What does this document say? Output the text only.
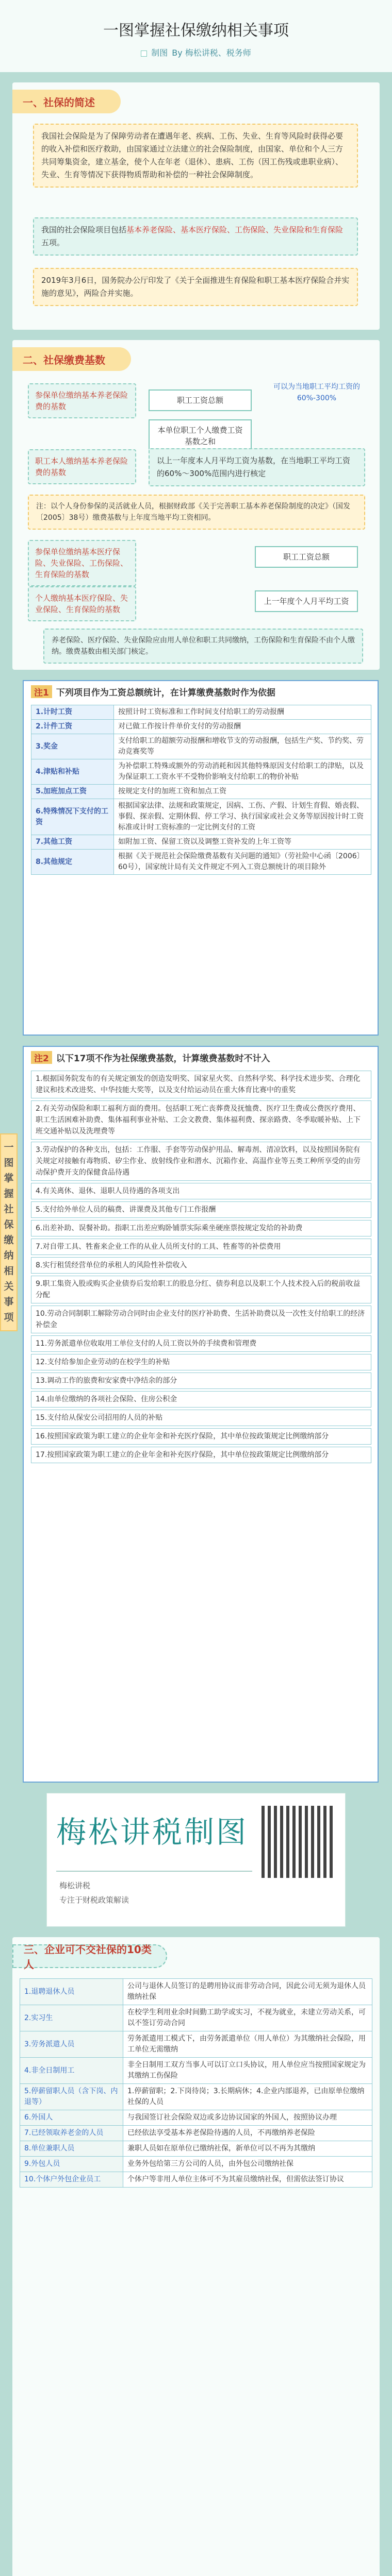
一图掌握社保缴纳相关事项
制图 By 梅松讲税、税务师
一、社保的简述
我国社会保险是为了保障劳动者在遭遇年老、疾病、工伤、失业、生育等风险时获得必要的收入补偿和医疗救助，由国家通过立法建立的社会保险制度，由国家、单位和个人三方共同筹集资金，建立基金，使个人在年老（退休）、患病、工伤（因工伤残或患职业病）、失业、生育等情况下获得物质帮助和补偿的一种社会保障制度。
我国的社会保险项目包括基本养老保险、基本医疗保险、工伤保险、失业保险和生育保险五项。
2019年3月6日，国务院办公厅印发了《关于全面推进生育保险和职工基本医疗保险合并实施的意见》，两险合并实施。
二、社保缴费基数
参保单位缴纳基本养老保险费的基数
职工工资总额
可以为当地职工平均工资的60%-300%
本单位职工个人缴费工资基数之和
职工本人缴纳基本养老保险费的基数
以上一年度本人月平均工资为基数，在当地职工平均工资的60%～300%范围内进行核定
注：以个人身份参保的灵活就业人员，根据财政部《关于完善职工基本养老保险制度的决定》（国发〔2005〕38号）缴费基数与上年度当地平均工资相同。
参保单位缴纳基本医疗保险、失业保险、工伤保险、生育保险的基数
职工工资总额
个人缴纳基本医疗保险、失业保险、生育保险的基数
上一年度个人月平均工资
养老保险、医疗保险、失业保险应由用人单位和职工共同缴纳，工伤保险和生育保险不由个人缴纳。缴费基数由相关部门核定。
注1 下列项目作为工资总额统计，在计算缴费基数时作为依据
1.计时工资	按照计时工资标准和工作时间支付给职工的劳动报酬
2.计件工资	对已做工作按计件单价支付的劳动报酬
3.奖金	支付给职工的超额劳动报酬和增收节支的劳动报酬，包括生产奖、节约奖、劳动竞赛奖等
4.津贴和补贴	为补偿职工特殊或额外的劳动消耗和因其他特殊原因支付给职工的津贴，以及为保证职工工资水平不受物价影响支付给职工的物价补贴
5.加班加点工资	按规定支付的加班工资和加点工资
6.特殊情况下支付的工资	根据国家法律、法规和政策规定，因病、工伤、产假、计划生育假、婚丧假、事假、探亲假、定期休假、停工学习、执行国家或社会义务等原因按计时工资标准或计时工资标准的一定比例支付的工资
7.其他工资	如附加工资、保留工资以及调整工资补发的上年工资等
8.其他规定	根据《关于规范社会保险缴费基数有关问题的通知》（劳社险中心函〔2006〕60号），国家统计局有关文件规定不列入工资总额统计的项目除外
注2 以下17项不作为社保缴费基数，计算缴费基数时不计入
1.根据国务院发布的有关规定颁发的创造发明奖、国家星火奖、自然科学奖、科学技术进步奖、合理化建议和技术改进奖、中华技能大奖等，以及支付给运动员在重大体育比赛中的重奖
2.有关劳动保险和职工福利方面的费用。包括职工死亡丧葬费及抚恤费、医疗卫生费或公费医疗费用、职工生活困难补助费、集体福利事业补贴、工会文教费、集体福利费、探亲路费、冬季取暖补贴、上下班交通补贴以及洗理费等
3.劳动保护的各种支出，包括：工作服、手套等劳动保护用品、解毒剂、清凉饮料，以及按照国务院有关规定对接触有毒物质、矽尘作业、放射线作业和潜水、沉箱作业、高温作业等五类工种所享受的由劳动保护费开支的保健食品待遇
4.有关离休、退休、退职人员待遇的各项支出
5.支付给外单位人员的稿费、讲课费及其他专门工作报酬
6.出差补助、误餐补助。指职工出差应购卧铺票实际乘坐硬座票按规定发给的补助费
7.对自带工具、牲畜来企业工作的从业人员所支付的工具、牲畜等的补偿费用
8.实行租赁经营单位的承租人的风险性补偿收入
9.职工集资入股或购买企业债券后发给职工的股息分红、债券利息以及职工个人技术投入后的税前收益分配
10.劳动合同制职工解除劳动合同时由企业支付的医疗补助费、生活补助费以及一次性支付给职工的经济补偿金
11.劳务派遣单位收取用工单位支付的人员工资以外的手续费和管理费
12.支付给参加企业劳动的在校学生的补贴
13.调动工作的旅费和安家费中净结余的部分
14.由单位缴纳的各项社会保险、住房公积金
15.支付给从保安公司招用的人员的补贴
16.按照国家政策为职工建立的企业年金和补充医疗保险，其中单位按政策规定比例缴纳部分
17.按照国家政策为职工建立的企业年金和补充医疗保险，其中单位按政策规定比例缴纳部分
一图掌握社保缴纳相关事项
梅松讲税制图
梅松讲税
专注于财税政策解读
三、企业可不交社保的10类人
1.退聘退休人员	公司与退休人员签订的是聘用协议而非劳动合同，因此公司无须为退休人员缴纳社保
2.实习生	在校学生利用业余时间勤工助学或实习，不视为就业，未建立劳动关系，可以不签订劳动合同
3.劳务派遣人员	劳务派遣用工模式下，由劳务派遣单位（用人单位）为其缴纳社会保险，用工单位无需缴纳
4.非全日制用工	非全日制用工双方当事人可以订立口头协议，用人单位应当按照国家规定为其缴纳工伤保险
5.停薪留职人员（含下岗、内退等）	1.停薪留职；2.下岗待岗；3.长期病休；4.企业内部退养，已由原单位缴纳社保的人员
6.外国人	与我国签订社会保险双边或多边协议国家的外国人，按照协议办理
7.已经领取养老金的人员	已经依法享受基本养老保险待遇的人员，不再缴纳养老保险
8.单位兼职人员	兼职人员如在原单位已缴纳社保，新单位可以不再为其缴纳
9.外包人员	业务外包给第三方公司的人员，由外包公司缴纳社保
10.个体户外包企业员工	个体户等非用人单位主体可不为其雇员缴纳社保，但需依法签订协议
